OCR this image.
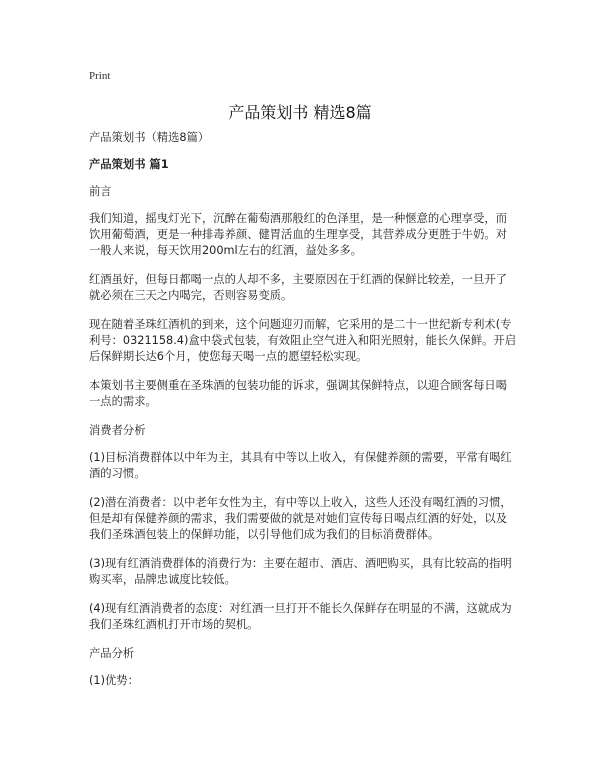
Print
产品策划书 精选8篇

产品策划书（精选8篇）

产品策划书 篇1

前言

我们知道，摇曳灯光下，沉醉在葡萄酒那般红的色泽里，是一种惬意的心理享受，而饮用葡萄酒，更是一种排毒养颜、健胃活血的生理享受，其营养成分更胜于牛奶。对一般人来说，每天饮用200ml左右的红酒，益处多多。

红酒虽好，但每日都喝一点的人却不多，主要原因在于红酒的保鲜比较差，一旦开了就必须在三天之内喝完，否则容易变质。

现在随着圣珠红酒机的到来，这个问题迎刃而解，它采用的是二十一世纪新专利术(专利号：0321158.4)盒中袋式包装，有效阻止空气进入和阳光照射，能长久保鲜。开启后保鲜期长达6个月，使您每天喝一点的愿望轻松实现。

本策划书主要侧重在圣珠酒的包装功能的诉求，强调其保鲜特点，以迎合顾客每日喝一点的需求。

消费者分析

(1)目标消费群体以中年为主，其具有中等以上收入，有保健养颜的需要，平常有喝红酒的习惯。

(2)潜在消费者：以中老年女性为主，有中等以上收入，这些人还没有喝红酒的习惯，但是却有保健养颜的需求，我们需要做的就是对她们宣传每日喝点红酒的好处，以及我们圣珠酒包装上的保鲜功能，以引导他们成为我们的目标消费群体。

(3)现有红酒消费群体的消费行为：主要在超市、酒店、酒吧购买，具有比较高的指明购买率，品牌忠诚度比较低。

(4)现有红酒消费者的态度：对红酒一旦打开不能长久保鲜存在明显的不满，这就成为我们圣珠红酒机打开市场的契机。

产品分析

(1)优势：
